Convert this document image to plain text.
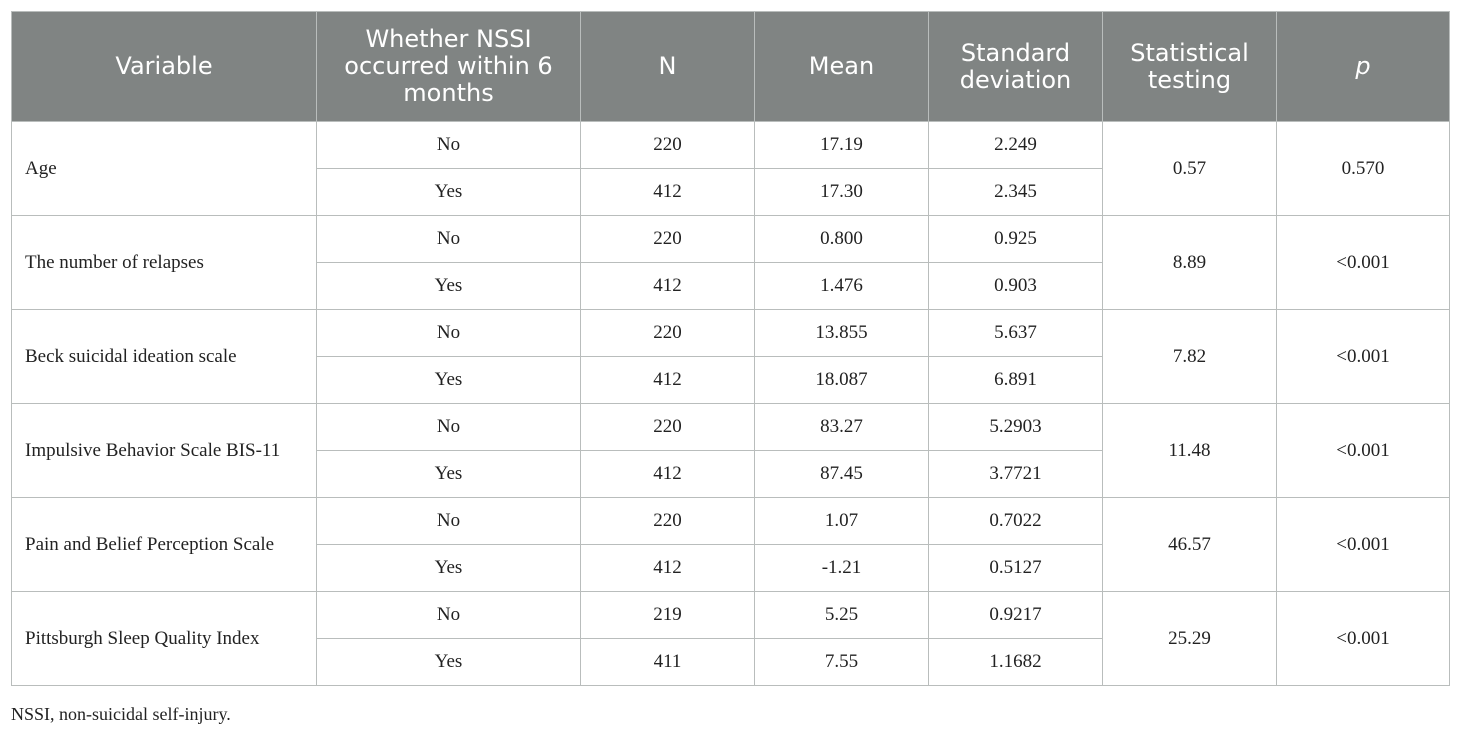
Variable	Whether NSSI occurred within 6 months	N	Mean	Standard deviation	Statistical testing	p
Age	No	220	17.19	2.249	0.57	0.570
	Yes	412	17.30	2.345		
The number of relapses	No	220	0.800	0.925	8.89	<0.001
	Yes	412	1.476	0.903		
Beck suicidal ideation scale	No	220	13.855	5.637	7.82	<0.001
	Yes	412	18.087	6.891		
Impulsive Behavior Scale BIS-11	No	220	83.27	5.2903	11.48	<0.001
	Yes	412	87.45	3.7721		
Pain and Belief Perception Scale	No	220	1.07	0.7022	46.57	<0.001
	Yes	412	-1.21	0.5127		
Pittsburgh Sleep Quality Index	No	219	5.25	0.9217	25.29	<0.001
	Yes	411	7.55	1.1682		
NSSI, non-suicidal self-injury.
